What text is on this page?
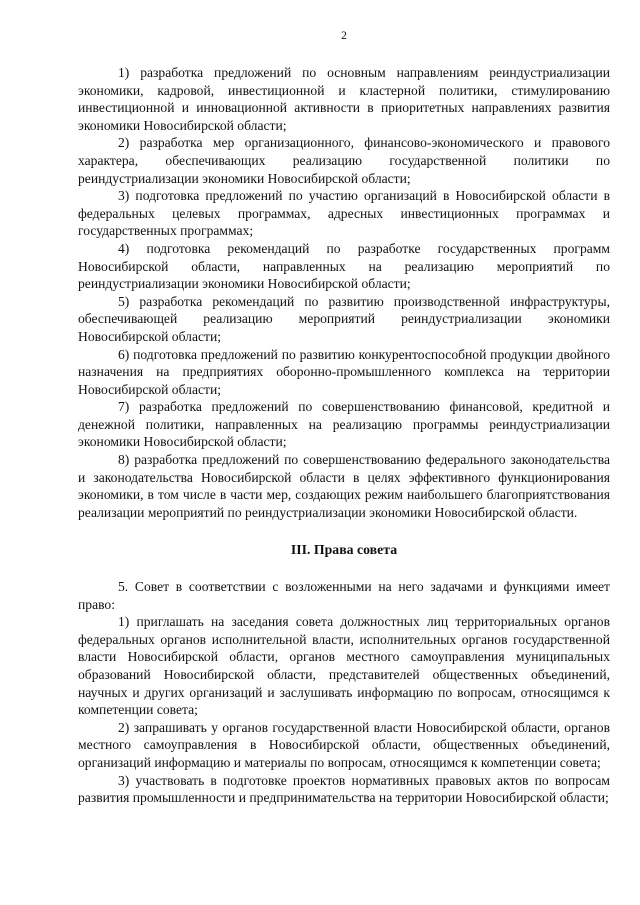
2

1) разработка предложений по основным направлениям реиндустриализации экономики, кадровой, инвестиционной и кластерной политики, стимулированию инвестиционной и инновационной активности в приоритетных направлениях развития экономики Новосибирской области;

2) разработка мер организационного, финансово-экономического и правового характера, обеспечивающих реализацию государственной политики по реиндустриализации экономики Новосибирской области;

3) подготовка предложений по участию организаций в Новосибирской области в федеральных целевых программах, адресных инвестиционных программах и государственных программах;

4) подготовка рекомендаций по разработке государственных программ Новосибирской области, направленных на реализацию мероприятий по реиндустриализации экономики Новосибирской области;

5) разработка рекомендаций по развитию производственной инфраструктуры, обеспечивающей реализацию мероприятий реиндустриализации экономики Новосибирской области;

6) подготовка предложений по развитию конкурентоспособной продукции двойного назначения на предприятиях оборонно-промышленного комплекса на территории Новосибирской области;

7) разработка предложений по совершенствованию финансовой, кредитной и денежной политики, направленных на реализацию программы реиндустриализации экономики Новосибирской области;

8) разработка предложений по совершенствованию федерального законодательства и законодательства Новосибирской области в целях эффективного функционирования экономики, в том числе в части мер, создающих режим наибольшего благоприятствования реализации мероприятий по реиндустриализации экономики Новосибирской области.

III. Права совета

5. Совет в соответствии с возложенными на него задачами и функциями имеет право:

1) приглашать на заседания совета должностных лиц территориальных органов федеральных органов исполнительной власти, исполнительных органов государственной власти Новосибирской области, органов местного самоуправления муниципальных образований Новосибирской области, представителей общественных объединений, научных и других организаций и заслушивать информацию по вопросам, относящимся к компетенции совета;

2) запрашивать у органов государственной власти Новосибирской области, органов местного самоуправления в Новосибирской области, общественных объединений, организаций информацию и материалы по вопросам, относящимся к компетенции совета;

3) участвовать в подготовке проектов нормативных правовых актов по вопросам развития промышленности и предпринимательства на территории Новосибирской области;
